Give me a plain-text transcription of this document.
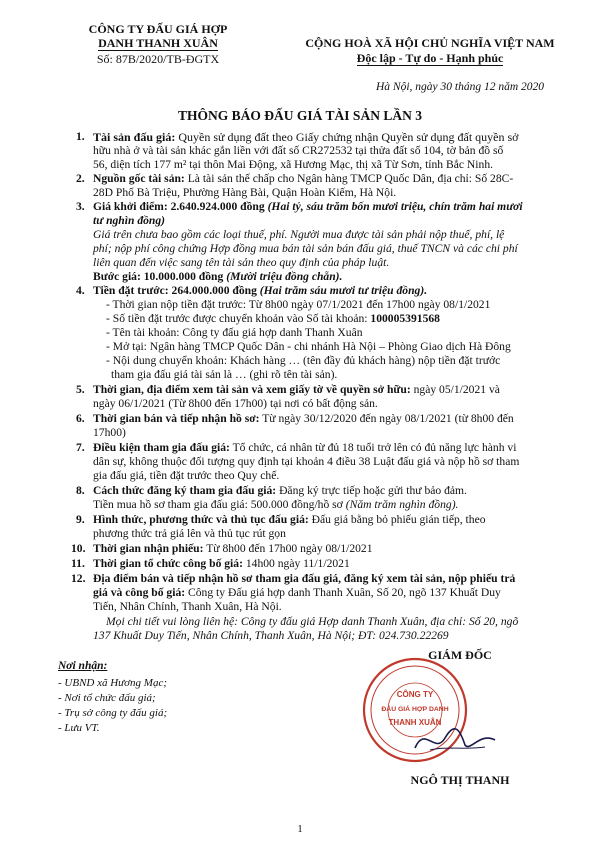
CÔNG TY ĐẤU GIÁ HỢP
DANH THANH XUÂN
Số: 87B/2020/TB-ĐGTX
CỘNG HOÀ XÃ HỘI CHỦ NGHĨA VIỆT NAM
Độc lập - Tự do - Hạnh phúc
Hà Nội, ngày 30 tháng 12 năm 2020
THÔNG BÁO ĐẤU GIÁ TÀI SẢN LẦN 3
1. Tài sản đấu giá: Quyền sử dụng đất theo Giấy chứng nhận Quyền sử dụng đất quyền sở
hữu nhà ở và tài sản khác gắn liền với đất số CR272532 tại thửa đất số 104, tờ bản đồ số
56, diện tích 177 m² tại thôn Mai Động, xã Hương Mạc, thị xã Từ Sơn, tỉnh Bắc Ninh.
2. Nguồn gốc tài sản: Là tài sản thế chấp cho Ngân hàng TMCP Quốc Dân, địa chỉ: Số 28C-
28D Phố Bà Triệu, Phường Hàng Bài, Quận Hoàn Kiếm, Hà Nội.
3. Giá khởi điểm: 2.640.924.000 đồng (Hai tỷ, sáu trăm bốn mươi triệu, chín trăm hai mươi
tư nghìn đồng)
Giá trên chưa bao gồm các loại thuế, phí. Người mua được tài sản phải nộp thuế, phí, lệ
phí; nộp phí công chứng Hợp đồng mua bán tài sản bán đấu giá, thuế TNCN và các chi phí
liên quan đến việc sang tên tài sản theo quy định của pháp luật.
Bước giá: 10.000.000 đồng (Mười triệu đồng chẵn).
4. Tiền đặt trước: 264.000.000 đồng (Hai trăm sáu mươi tư triệu đồng).
- Thời gian nộp tiền đặt trước: Từ 8h00 ngày 07/1/2021 đến 17h00 ngày 08/1/2021
- Số tiền đặt trước được chuyển khoản vào Số tài khoản: 100005391568
- Tên tài khoản: Công ty đấu giá hợp danh Thanh Xuân
- Mở tại: Ngân hàng TMCP Quốc Dân - chi nhánh Hà Nội – Phòng Giao dịch Hà Đông
- Nội dung chuyển khoản: Khách hàng … (tên đầy đủ khách hàng) nộp tiền đặt trước
tham gia đấu giá tài sản là … (ghi rõ tên tài sản).
5. Thời gian, địa điểm xem tài sản và xem giấy tờ về quyền sở hữu: ngày 05/1/2021 và
ngày 06/1/2021 (Từ 8h00 đến 17h00) tại nơi có bất động sản.
6. Thời gian bán và tiếp nhận hồ sơ: Từ ngày 30/12/2020 đến ngày 08/1/2021 (từ 8h00 đến
17h00)
7. Điều kiện tham gia đấu giá: Tổ chức, cá nhân từ đủ 18 tuổi trở lên có đủ năng lực hành vi
dân sự, không thuộc đối tượng quy định tại khoản 4 điều 38 Luật đấu giá và nộp hồ sơ tham
gia đấu giá, tiền đặt trước theo Quy chế.
8. Cách thức đăng ký tham gia đấu giá: Đăng ký trực tiếp hoặc gửi thư bảo đảm.
Tiền mua hồ sơ tham gia đấu giá: 500.000 đồng/hồ sơ (Năm trăm nghìn đồng).
9. Hình thức, phương thức và thủ tục đấu giá: Đấu giá bằng bỏ phiếu gián tiếp, theo
phương thức trả giá lên và thủ tục rút gọn
10. Thời gian nhận phiếu: Từ 8h00 đến 17h00 ngày 08/1/2021
11. Thời gian tổ chức công bố giá: 14h00 ngày 11/1/2021
12. Địa điểm bán và tiếp nhận hồ sơ tham gia đấu giá, đăng ký xem tài sản, nộp phiếu trả
giá và công bố giá: Công ty Đấu giá hợp danh Thanh Xuân, Số 20, ngõ 137 Khuất Duy
Tiến, Nhân Chính, Thanh Xuân, Hà Nội.
Mọi chi tiết vui lòng liên hệ: Công ty đấu giá Hợp danh Thanh Xuân, địa chỉ: Số 20, ngõ
137 Khuất Duy Tiến, Nhân Chính, Thanh Xuân, Hà Nội; ĐT: 024.730.22269
Nơi nhận:
- UBND xã Hương Mạc;
- Nơi tổ chức đấu giá;
- Trụ sở công ty đấu giá;
- Lưu VT.
GIÁM ĐỐC
CÔNG TY
ĐẤU GIÁ HỢP DANH
THANH XUÂN
NGÔ THỊ THANH
1
